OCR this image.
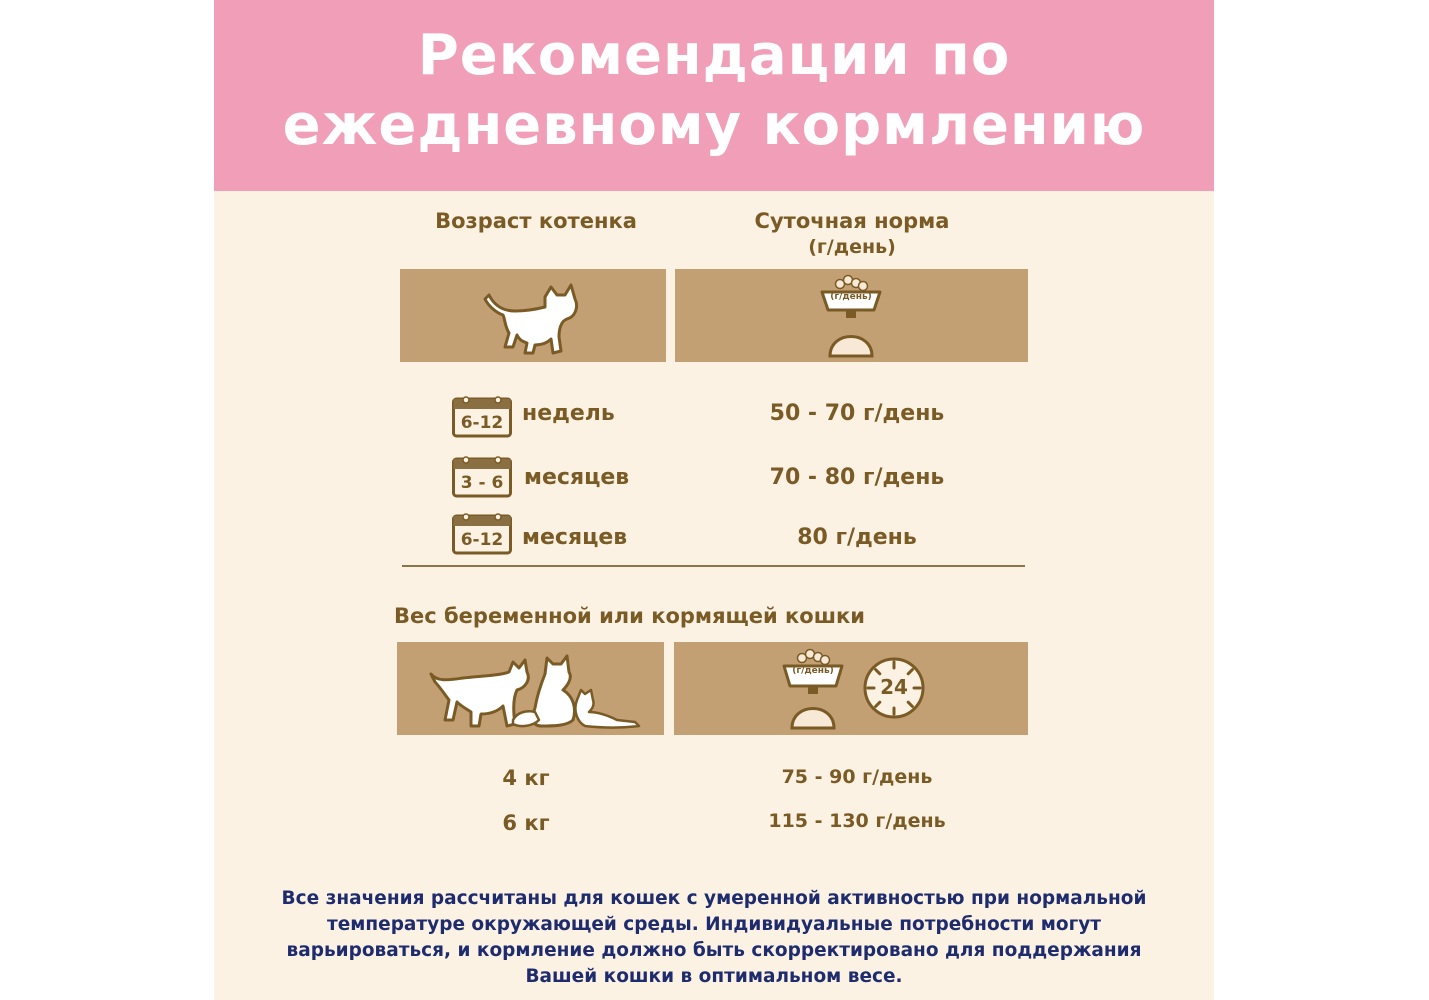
Рекомендации по
ежедневному кормлению
Возраст котенка	Суточная норма
(г/день)
(г/день)
6-12 недель	50 - 70 г/день
3 - 6 месяцев	70 - 80 г/день
6-12 месяцев	80 г/день
Вес беременной или кормящей кошки
(г/день)
24
4 кг	75 - 90 г/день
6 кг	115 - 130 г/день
Все значения рассчитаны для кошек с умеренной активностью при нормальной
температуре окружающей среды. Индивидуальные потребности могут
варьироваться, и кормление должно быть скорректировано для поддержания
Вашей кошки в оптимальном весе.
